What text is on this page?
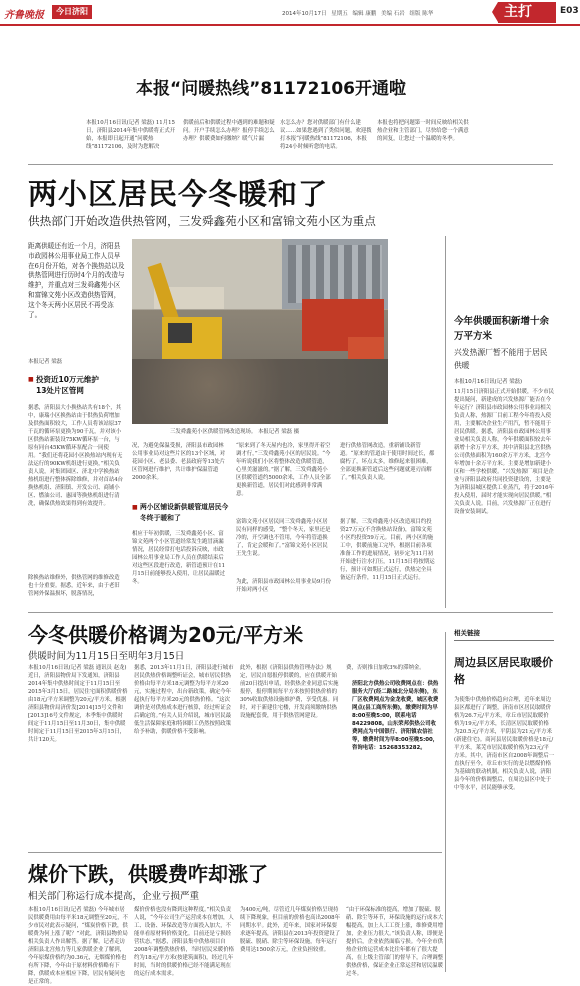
齐鲁晚报	今日济阳	2014年10月17日 星期五 编辑 康鹏 美编 石岩 组版 陈华	主打	E03
本报“问暖热线”81172106开通啦
本报10月16日讯(记者 梁磊) 11月15日，济阳县2014年集中供暖将正式开始，本报即日起开通“问暖热线”81172106，及时为您解决
供暖前后和供暖过程中遇到的难题和疑问。开户手续怎么办理？报停手续怎么办理？供暖费如何缴纳？暖气片漏
水怎么办？您对供暖部门有什么建议……如果您遇到了类似问题，欢迎拨打本报“问暖热线”81172106，本报将24小时倾听您的电话。
本报也将把问题第一时间反映给相关供热企业和主管部门，尽快给您一个满意的回复，让您过一个温暖的冬季。
两小区居民今冬暖和了
供热部门开始改造供热管网，三发舜鑫苑小区和富锦文苑小区为重点
距离供暖还有近一个月，济阳县市政园林公用事业局工作人员早在6月份开始，对各个换热站以及供热管网进行历时4个月的改造与维护，并重点对三发舜鑫苑小区和富锦文苑小区改造供热管网，这个冬天两小区居民不再受冻了。
本报记者 梁磊
三发舜鑫苑小区供暖管网改造现场。 本报记者 梁磊 摄
■ 投资近10万元维护13处片区管网
据悉，济阳县大小换热站共有18个，其中，康瑞小区换热站由于供热负荷增加及供热面积较大，工作人员将该站原37千瓦的循环泵更换为90千瓦，并对该小区供热站新装设75KW循环泵一台，与原有同台45KW循环泵配合一同使用。“我们还将花园小区换热站内现有无法运行的90KW机组进行更换，”相关负责人说，对集团园区、济北中学换热站热机组进行整体拆除维修，并对首站4台换热机组、济阳镇、开发公司、商铺小区、燃油公司、惠园等换热机组进行清洗，确保供热效果得到有效提升。
除换热站维修外，供热管网的维修改造也十分重要。据悉，近年来，由于老旧管网外保温损坏，脱落情况，
况，为避免保温受损，济阳县市政园林公用事业局对这些片区的13个区域，对花园小区、老县委、老县政府等13处片区管网进行维护，共计维护保温管道2000余米。
■ 两小区铺设新供暖管道居民今冬终于暖和了
相应于年初供暖，三发舜鑫苑小区、富锦文苑两个小区管道经常发生跑冒滴漏情况，居民经常打电话投诉反映，市政园林公用事业局工作人员在供暖结束后对这些区段进行改造，新管道预计在11月15日前能够投入使用，让居民温暖过冬。
“原来到了冬天屋内也冷，家里得开着空调才行，”三发舜鑫苑小区的居民说。“今年听说我们小区将整体改造供暖管道，心里美滋滋的。”据了解，三发舜鑫苑小区供暖管道约5000余米，工作人员全部更换新管道，居民们对此感到非常满意。
富锦文苑小区居民同三发舜鑫苑小区居民有同样的感受，“整个冬天，家里还是冷的，开空调也不管用，今年将管道换了，肯定会暖和了。”富锦文苑小区居民王先生说。
为此，济阳县市政园林公用事业局9月份开始对两小区
进行供热管网改造，重新铺设新管道。“原来的管道由于使用时间过长，都腐朽了，坏点太多，维修起来很困难，全部更换新管道后这些问题就迎刃而解了。”相关负责人说。
据了解，三发舜鑫苑小区改造项目约投资27万元(不含换热站设备)，富锦文苑小区约投资59万元。目前，两小区的施工中，供暖前施工完毕，根据目前各项准备工作的进展情况，初步定为11月初开始进行注水打压，11月15日将按期运行，预计可如期正式运行，供热完全具备运行条件，11月15日正式运行。
今年供暖面积新增十余万平方米
兴发热源厂暂不能用于居民供暖
本报10月16日讯(记者 梁磊)
11月15日济阳县正式开始供暖，不少市民提出疑问，新建成的兴发热源厂能否在今年运行？济阳县市政园林公用事业局相关负责人称，热源厂目前工程今年将投入使用，主要解决企业生产用汽，暂不能用于居民供暖。据悉，济阳县市政园林公用事业局相关负责人称，今年供暖面积较去年新增十余万平方米，其中济阳县北宫供热公司供热面积为160余万平方米，北宫今年增加十余万平方米。主要是增加新建小区和一些学校供暖。“兴发热源厂项目是企业与济阳县政府共同投资建设的，主要是为济阳县城区提供工业蒸汽，将于2016年投入使用，届时才能实现向居民供暖。”相关负责人说。目前，兴发热源厂正在进行设备安装调试。
今冬供暖价格调为20元/平方米
供暖时间为11月15日至明年3月15日
本报10月16日讯(记者 梁磊 通讯员 赵龙) 近日，济阳县物价局下发通知，济阳县2014年集中供热时间定于11月15日至2015年3月15日，居民住宅面积供暖价格由18元/平方米调整为20元/平方米。根据济阳县物价局济价发[2014]15号文件和[2013]16号文件规定，本季集中供暖时间定于11月15日至11月30日，集中供暖时间定于11月15日至2015年3月15日，共计120天。
据悉，2013年11月1日，济阳县进行城市居民供热价格调整听证会，城市居民供热价格由每平方米18元调整为每平方米20元，实施过程中，出台新政策，确定今年起执行每平方米20元的供热价格。“这次调价是对供热成本进行核算，经过听证会后确定的。”有关人员介绍说，城市居民最低生活保障家庭和特困职工仍然按照政策给予补助，供暖价格不受影响。
此外，根据《济阳县供热管理办法》规定，居民自愿报停供暖的，应在供暖开始前20日提出申请，经供热企业同意后实施报停，报停期间每平方米按照供热价格的30%收取供热设施维护费，享受优惠。同时，对于新建住宅楼，开发商须缴纳供热设施配套费，用于供热管网建设。
费，否则推日加收3%的滞纳金。
济阳北方供热公司收费网点在：供热服务大厅(经二路城北分局东侧)，东厂区收费网点为金龙收费，城区收费网点(县工商所东侧)，缴费时间为早8:00至晚5:00，联系电话84229808。山东荣邦供热公司收费网点为中国银行、济阳镇农信社等，缴费时间为早8:00至晚5:00，咨询电话：15268353282。
相关链接
周边县区居民取暖价格
为使集中供热价格趋向合理，近年来周边县区都进行了调整，济南市区居民取暖价格为26.7元/平方米，章丘市居民取暖价格为19元/平方米，长清区居民取暖价格为20.5元/平方米，平阴县为21元/平方米(新建住宅)。商河县居民取暖价格是18元/平方米，莱芜市居民取暖价格为23元/平方米。其中，济南市区自2008年调整后一直执行至今，章丘市实行的是以燃煤价格为基础的联动机制。相关负责人说，济阳县今年的价格调整后，在周边县区中处于中等水平，居民能够承受。
煤价下跌，供暖费咋却涨了
相关部门称运行成本提高，企业亏损严重
本报10月16日讯(记者 梁磊) 今年城市居民供暖费用由每平米18元调整至20元，不少市民对此表示疑问，“煤炭价格下跌，供暖费为何上涨了呢？”对此，济阳县物价局相关负责人作出解答。据了解，记者走访济阳县北宫热力等几家供暖企业了解到，今年原煤价格约为0.36元，无烟煤价格也有所下降，今年由于原材料价格略有下降，供暖成本应相应下降，居民有疑问也是正常的。
煤价价格也没有降到这种程度。”相关负责人说，“今年公司生产运营成本在增加，人工、设备、环保改造等方面投入加大，不能单看原材料价格变化。目前还是亏损经营状态。”据悉，济阳县集中供热项目自2008年调整供热价格，当时居民采暖价格约为18元/平方米(按建筑面积)，经过几年时间，当时的供暖价格已经不能满足现在的运行成本需求。
为400元/吨，尽管近几年煤炭价格呈现持续下降现象，但目前的价格也高出2008年同期水平。此外，近年来，国家对环保要求逐年提高，济阳县在2013年投资建设了脱硫、脱硝、除尘等环保设施，每年运行费用达1500余万元，企业负担较重。
“由于环保标准的提高，增加了脱硫、脱硝、除尘等环节，环保设施的运行成本大幅提高，加上人工工资上涨，维修费用增加，企业压力很大。”该负责人称，即便是提价后，企业依然面临亏损。今年全市供热企业的运营成本比往年都有了很大提高，在上级主管部门的督导下，合理调整供热价格，保证企业正常运营和居民温暖过冬。
